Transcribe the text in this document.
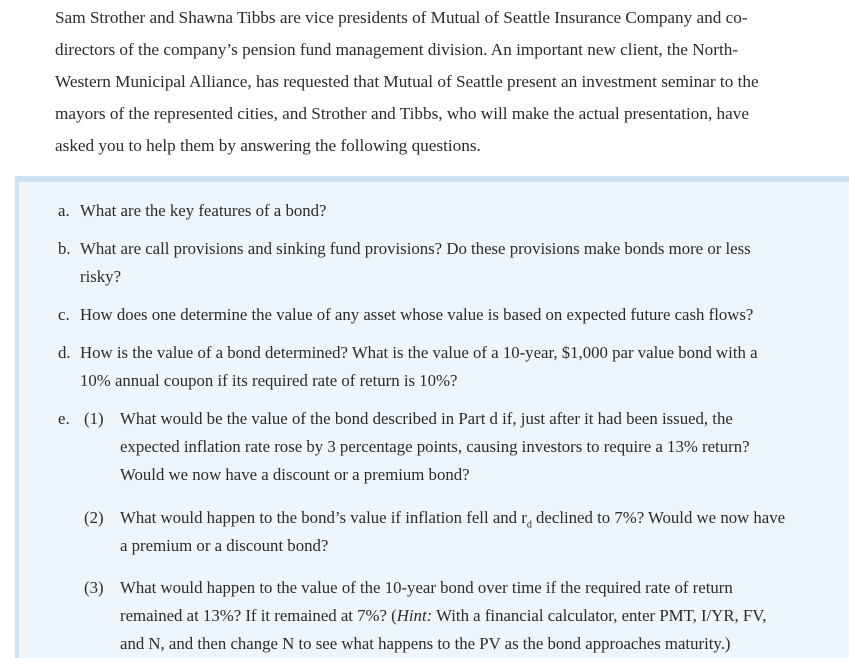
Sam Strother and Shawna Tibbs are vice presidents of Mutual of Seattle Insurance Company and co-
directors of the company’s pension fund management division. An important new client, the North-
Western Municipal Alliance, has requested that Mutual of Seattle present an investment seminar to the
mayors of the represented cities, and Strother and Tibbs, who will make the actual presentation, have
asked you to help them by answering the following questions.
a. What are the key features of a bond?
b. What are call provisions and sinking fund provisions? Do these provisions make bonds more or less
risky?
c. How does one determine the value of any asset whose value is based on expected future cash flows?
d. How is the value of a bond determined? What is the value of a 10-year, $1,000 par value bond with a
10% annual coupon if its required rate of return is 10%?
e. (1) What would be the value of the bond described in Part d if, just after it had been issued, the
expected inflation rate rose by 3 percentage points, causing investors to require a 13% return?
Would we now have a discount or a premium bond?
(2) What would happen to the bond’s value if inflation fell and $r_d$ declined to 7%? Would we now have
a premium or a discount bond?
(3) What would happen to the value of the 10-year bond over time if the required rate of return
remained at 13%? If it remained at 7%? (Hint: With a financial calculator, enter PMT, I/YR, FV,
and N, and then change N to see what happens to the PV as the bond approaches maturity.)
